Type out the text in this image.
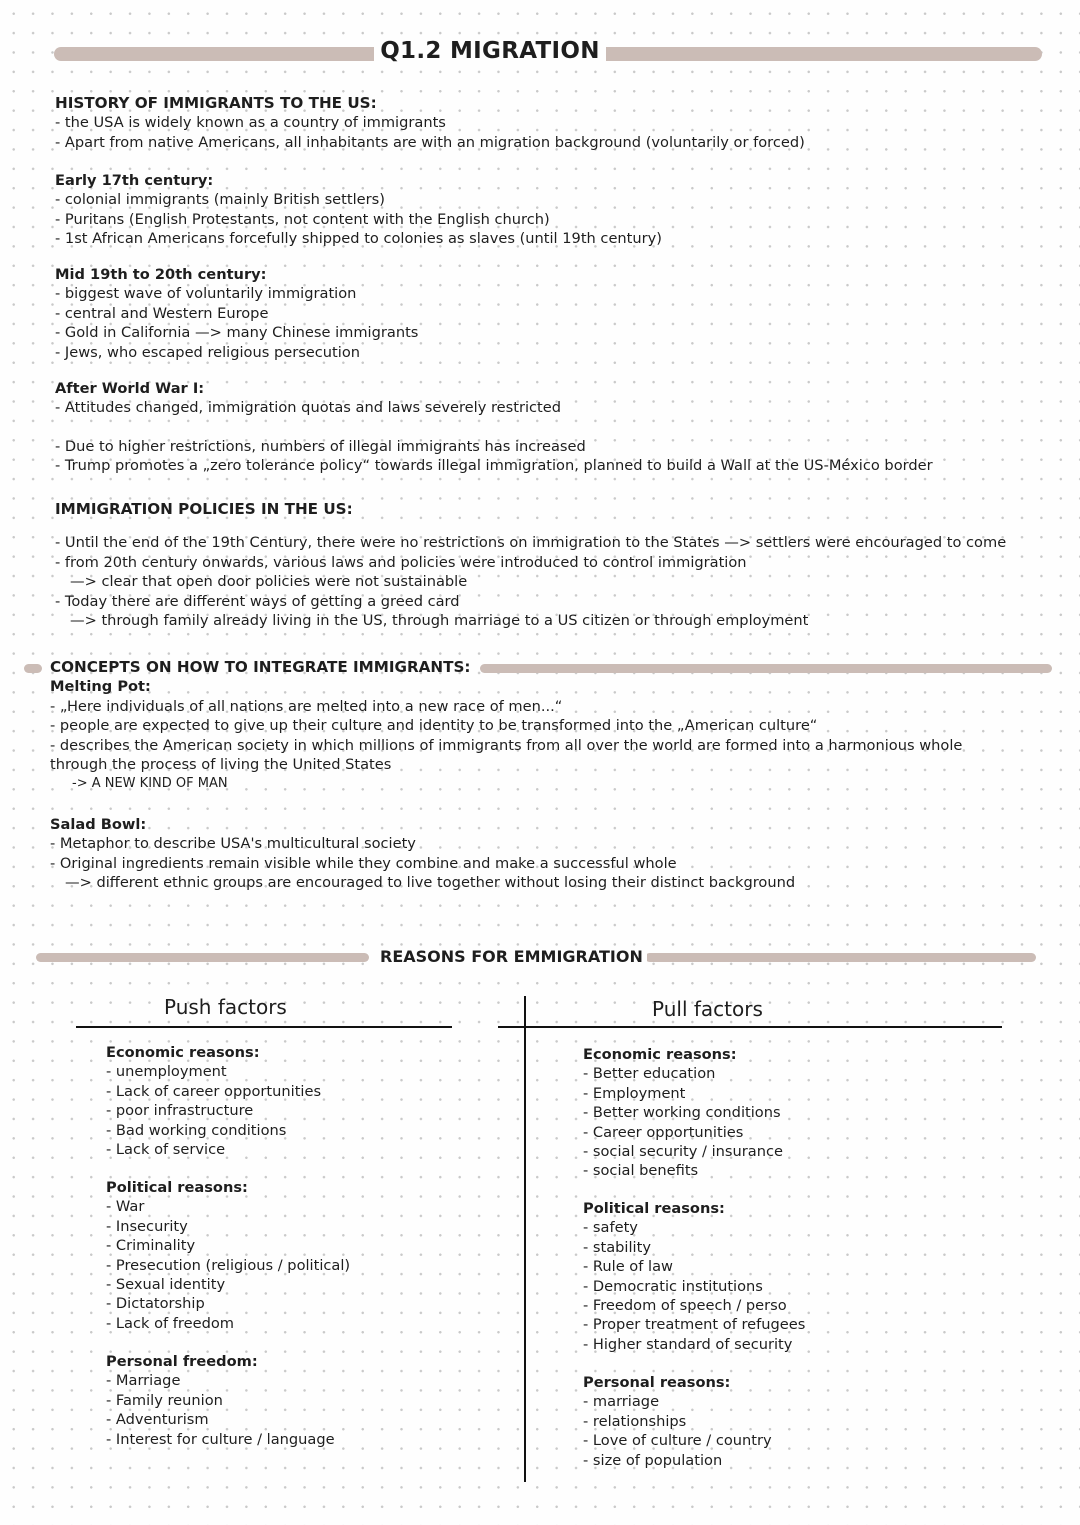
Q1.2 MIGRATION
HISTORY OF IMMIGRANTS TO THE US:
- the USA is widely known as a country of immigrants
- Apart from native Americans, all inhabitants are with an migration background (voluntarily or forced)
Early 17th century:
- colonial immigrants (mainly British settlers)
- Puritans (English Protestants, not content with the English church)
- 1st African Americans forcefully shipped to colonies as slaves (until 19th century)
Mid 19th to 20th century:
- biggest wave of voluntarily immigration
- central and Western Europe
- Gold in California —> many Chinese immigrants
- Jews, who escaped religious persecution
After World War I:
- Attitudes changed, immigration quotas and laws severely restricted
- Due to higher restrictions, numbers of illegal immigrants has increased
- Trump promotes a „zero tolerance policy“ towards illegal immigration, planned to build a Wall at the US-México border
IMMIGRATION POLICIES IN THE US:
- Until the end of the 19th Century, there were no restrictions on immigration to the States —> settlers were encouraged to come
- from 20th century onwards, various laws and policies were introduced to control immigration
—> clear that open door policies were not sustainable
- Today there are different ways of getting a greed card
—> through family already living in the US, through marriage to a US citizen or through employment
CONCEPTS ON HOW TO INTEGRATE IMMIGRANTS:
Melting Pot:
- „Here individuals of all nations are melted into a new race of men...“
- people are expected to give up their culture and identity to be transformed into the „American culture“
- describes the American society in which millions of immigrants from all over the world are formed into a harmonious whole
through the process of living the United States
-> A NEW KIND OF MAN
Salad Bowl:
- Metaphor to describe USA's multicultural society
- Original ingredients remain visible while they combine and make a successful whole
—> different ethnic groups are encouraged to live together without losing their distinct background
REASONS FOR EMMIGRATION
Push factors	Pull factors
Economic reasons:
- unemployment
- Lack of career opportunities
- poor infrastructure
- Bad working conditions
- Lack of service
Political reasons:
- War
- Insecurity
- Criminality
- Presecution (religious / political)
- Sexual identity
- Dictatorship
- Lack of freedom
Personal freedom:
- Marriage
- Family reunion
- Adventurism
- Interest for culture / language
Economic reasons:
- Better education
- Employment
- Better working conditions
- Career opportunities
- social security / insurance
- social benefits
Political reasons:
- safety
- stability
- Rule of law
- Democratic institutions
- Freedom of speech / perso
- Proper treatment of refugees
- Higher standard of security
Personal reasons:
- marriage
- relationships
- Love of culture / country
- size of population
